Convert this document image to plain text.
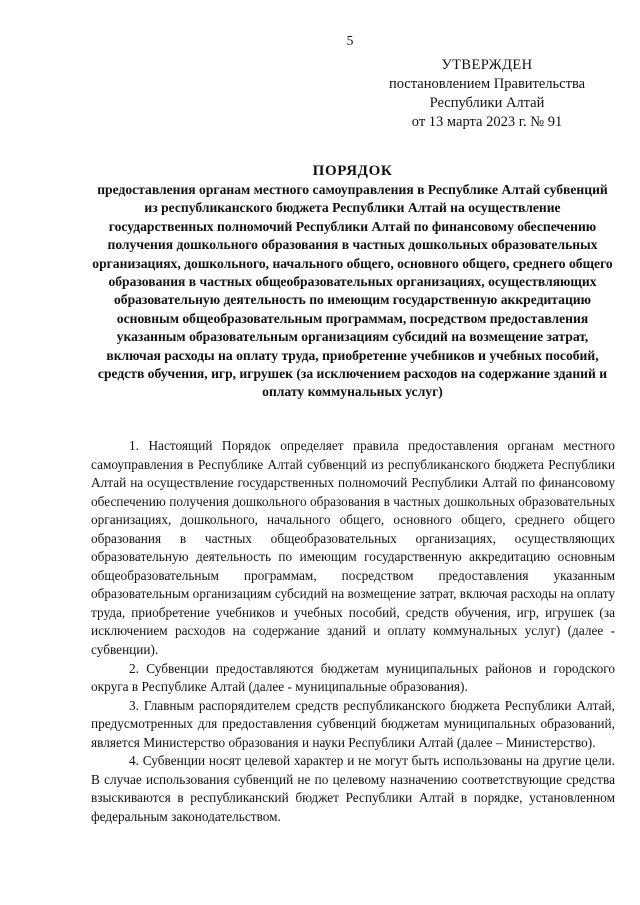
5
УТВЕРЖДЕН
постановлением Правительства
Республики Алтай
от 13 марта 2023 г. № 91
ПОРЯДОК
предоставления органам местного самоуправления в Республике Алтай субвенций из республиканского бюджета Республики Алтай на осуществление государственных полномочий Республики Алтай по финансовому обеспечению получения дошкольного образования в частных дошкольных образовательных организациях, дошкольного, начального общего, основного общего, среднего общего образования в частных общеобразовательных организациях, осуществляющих образовательную деятельность по имеющим государственную аккредитацию основным общеобразовательным программам, посредством предоставления указанным образовательным организациям субсидий на возмещение затрат, включая расходы на оплату труда, приобретение учебников и учебных пособий, средств обучения, игр, игрушек (за исключением расходов на содержание зданий и оплату коммунальных услуг)

1. Настоящий Порядок определяет правила предоставления органам местного самоуправления в Республике Алтай субвенций из республиканского бюджета Республики Алтай на осуществление государственных полномочий Республики Алтай по финансовому обеспечению получения дошкольного образования в частных дошкольных образовательных организациях, дошкольного, начального общего, основного общего, среднего общего образования в частных общеобразовательных организациях, осуществляющих образовательную деятельность по имеющим государственную аккредитацию основным общеобразовательным программам, посредством предоставления указанным образовательным организациям субсидий на возмещение затрат, включая расходы на оплату труда, приобретение учебников и учебных пособий, средств обучения, игр, игрушек (за исключением расходов на содержание зданий и оплату коммунальных услуг) (далее - субвенции).

2. Субвенции предоставляются бюджетам муниципальных районов и городского округа в Республике Алтай (далее - муниципальные образования).

3. Главным распорядителем средств республиканского бюджета Республики Алтай, предусмотренных для предоставления субвенций бюджетам муниципальных образований, является Министерство образования и науки Республики Алтай (далее – Министерство).

4. Субвенции носят целевой характер и не могут быть использованы на другие цели. В случае использования субвенций не по целевому назначению соответствующие средства взыскиваются в республиканский бюджет Республики Алтай в порядке, установленном федеральным законодательством.
